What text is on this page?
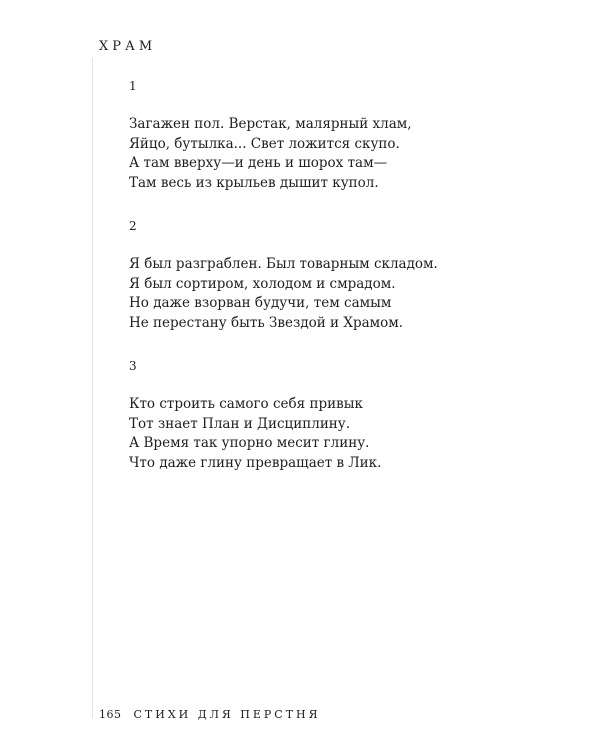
ХРАМ

1

Загажен пол. Верстак, малярный хлам,
Яйцо, бутылка... Свет ложится скупо.
А там вверху—и день и шорох там—
Там весь из крыльев дышит купол.

2

Я был разграблен. Был товарным складом.
Я был сортиром, холодом и смрадом.
Но даже взорван будучи, тем самым
Не перестану быть Звездой и Храмом.

3

Кто строить самого себя привык
Тот знает План и Дисциплину.
А Время так упорно месит глину.
Что даже глину превращает в Лик.
165 СТИХИ ДЛЯ ПЕРСТНЯ
